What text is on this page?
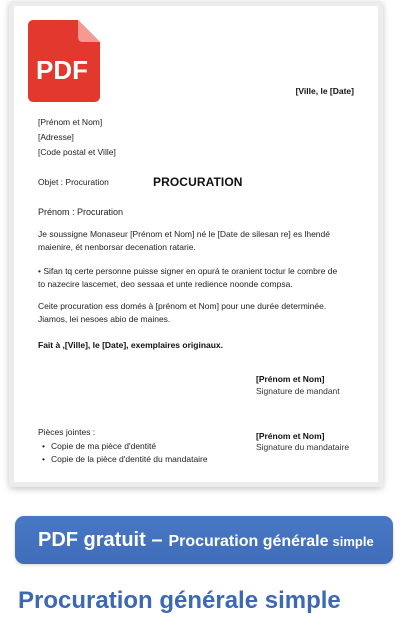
PDF
[Ville, le [Date]
[Prénom et Nom]
[Adresse]
[Code postal et Ville]
Objet : Procuration	PROCURATION
Prénom : Procuration
Je soussigne Monaseur [Prénom et Nom] né le [Date de silesan re] es lhendé
maienire, ét nenborsar decenation ratarie.
• Sifan tq certe personne puisse signer en opurá te oranient toctur le combre de
to nazecire lascemet, deo sessaa et unte redience noonde compsa.
Ceite procuration ess domés à [prénom et Nom] pour une durée determinée.
Jiamos, lei nesoes abio de maines.
Fait à ,[Ville], le [Date], exemplaires originaux.
[Prénom et Nom]
Signature de mandant
Pièces jointes :
• Copie de ma pièce d'dentité
• Copie de la pièce d'dentité du mandataire
[Prénom et Nom]
Signature du mandataire
PDF gratuit – Procuration générale simple
Procuration générale simple
